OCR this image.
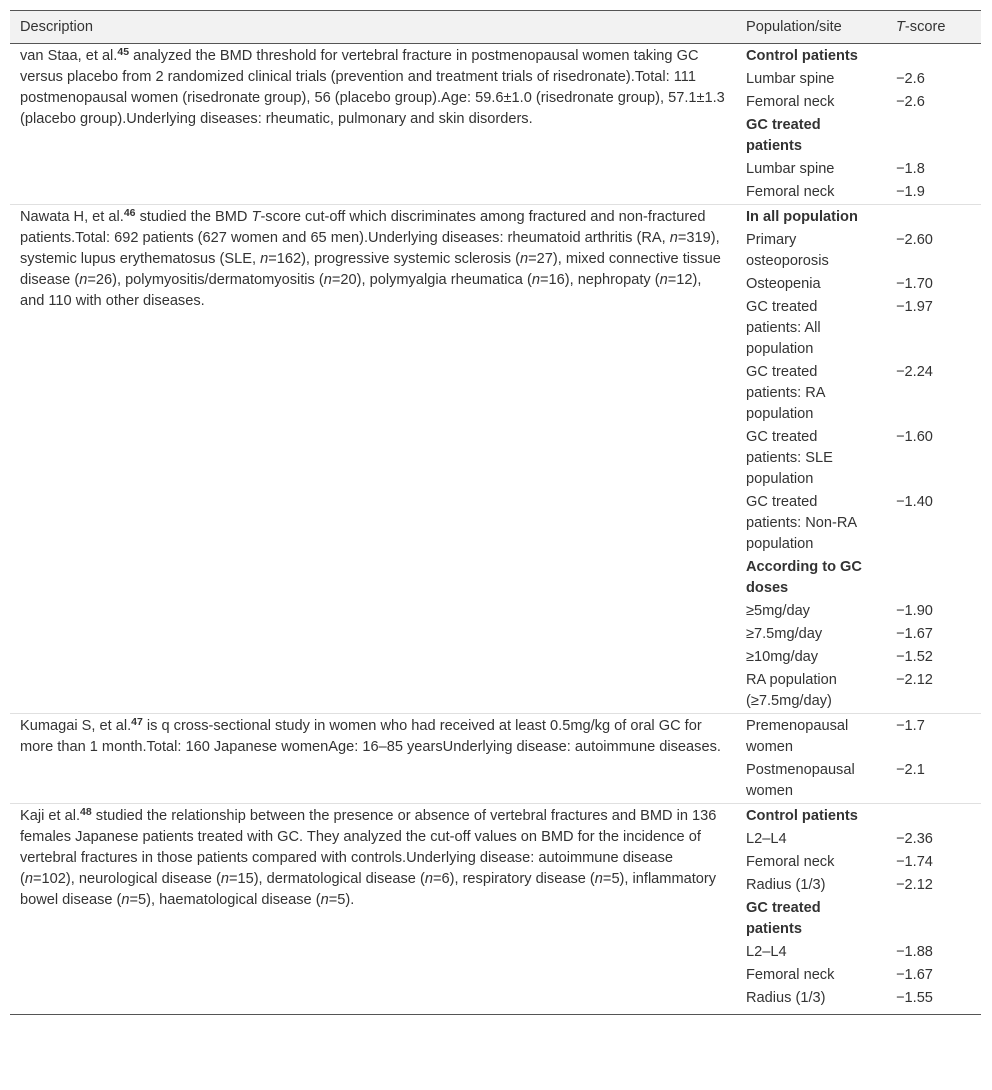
Description	Population/site	T-score

van Staa, et al.$^{45}$ analyzed the BMD threshold for vertebral fracture in postmenopausal women taking GC versus placebo from 2 randomized clinical trials (prevention and treatment trials of risedronate).Total: 111 postmenopausal women (risedronate group), 56 (placebo group).Age: 59.6±1.0 (risedronate group), 57.1±1.3 (placebo group).Underlying diseases: rheumatic, pulmonary and skin disorders.	Control patients	
	Lumbar spine	−2.6
	Femoral neck	−2.6
	GC treated patients	
	Lumbar spine	−1.8
	Femoral neck	−1.9

Nawata H, et al.$^{46}$ studied the BMD T-score cut-off which discriminates among fractured and non-fractured patients.Total: 692 patients (627 women and 65 men).Underlying diseases: rheumatoid arthritis (RA, n=319), systemic lupus erythematosus (SLE, n=162), progressive systemic sclerosis (n=27), mixed connective tissue disease (n=26), polymyositis/dermatomyositis (n=20), polymyalgia rheumatica (n=16), nephropaty (n=12), and 110 with other diseases.	In all population	
	Primary osteoporosis	−2.60
	Osteopenia	−1.70
	GC treated patients: All population	−1.97
	GC treated patients: RA population	−2.24
	GC treated patients: SLE population	−1.60
	GC treated patients: Non-RA population	−1.40
	According to GC doses	
	≥5mg/day	−1.90
	≥7.5mg/day	−1.67
	≥10mg/day	−1.52
	RA population (≥7.5mg/day)	−2.12

Kumagai S, et al.$^{47}$ is q cross-sectional study in women who had received at least 0.5mg/kg of oral GC for more than 1 month.Total: 160 Japanese womenAge: 16–85 yearsUnderlying disease: autoimmune diseases.	Premenopausal women	−1.7
	Postmenopausal women	−2.1

Kaji et al.$^{48}$ studied the relationship between the presence or absence of vertebral fractures and BMD in 136 females Japanese patients treated with GC. They analyzed the cut-off values on BMD for the incidence of vertebral fractures in those patients compared with controls.Underlying disease: autoimmune disease (n=102), neurological disease (n=15), dermatological disease (n=6), respiratory disease (n=5), inflammatory bowel disease (n=5), haematological disease (n=5).	Control patients	
	L2–L4	−2.36
	Femoral neck	−1.74
	Radius (1/3)	−2.12
	GC treated patients	
	L2–L4	−1.88
	Femoral neck	−1.67
	Radius (1/3)	−1.55
